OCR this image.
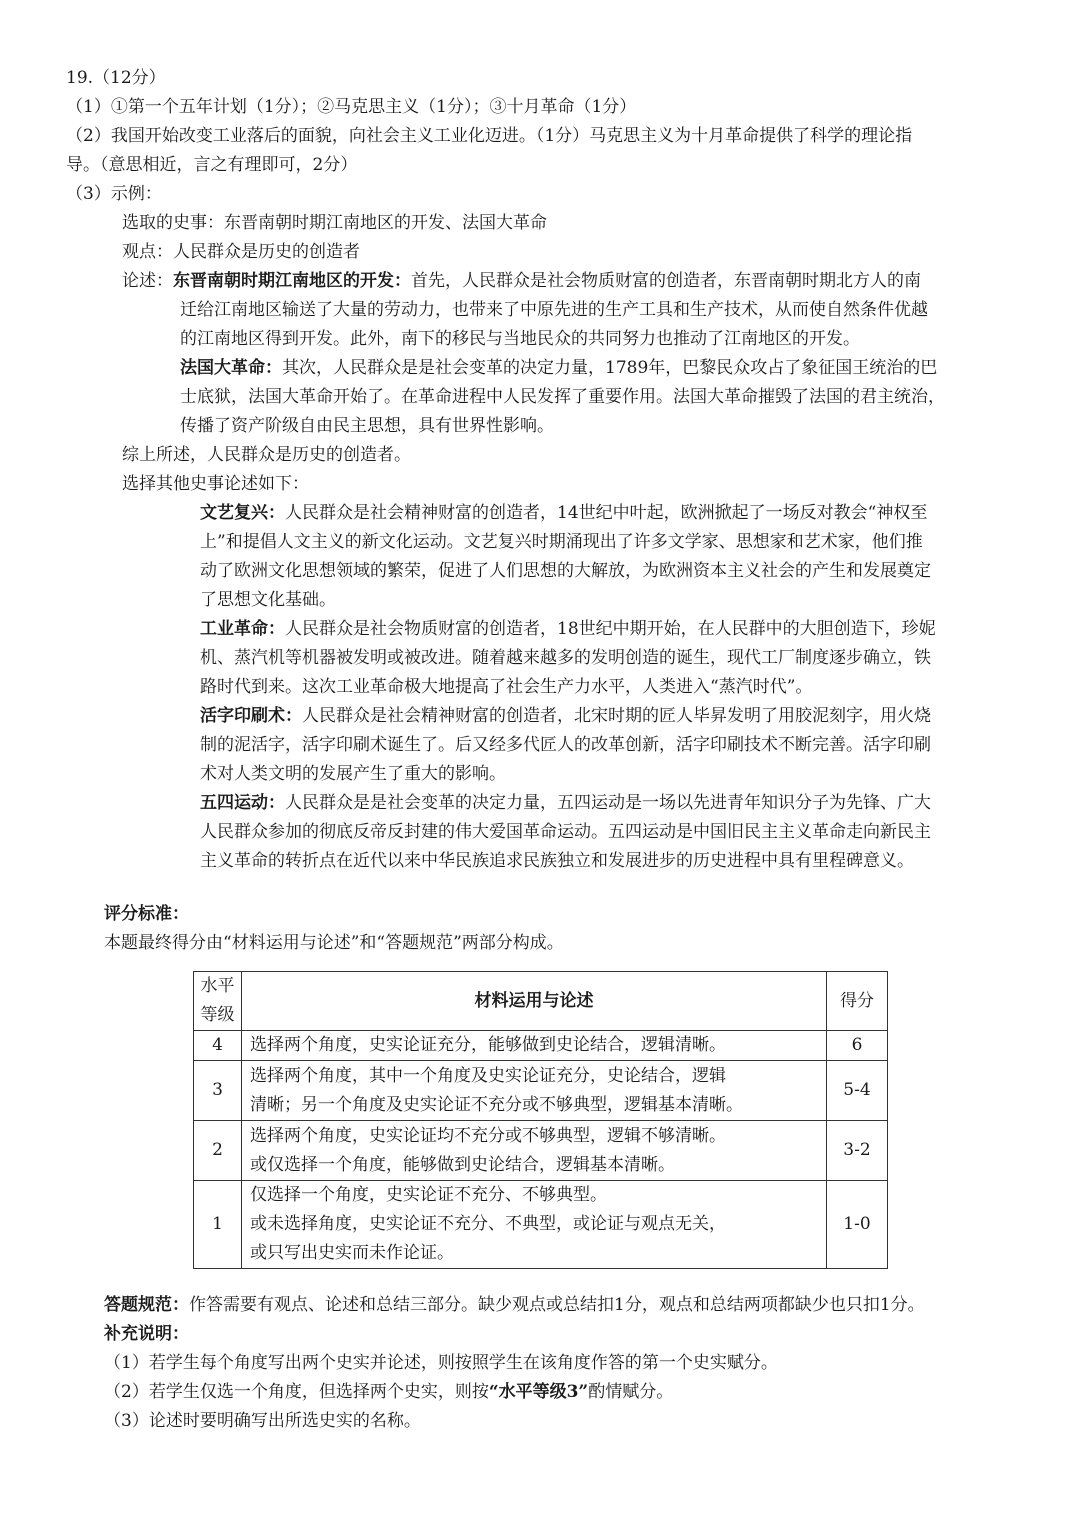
19.（12分）
（1）①第一个五年计划（1分）；②马克思主义（1分）；③十月革命（1分）
（2）我国开始改变工业落后的面貌，向社会主义工业化迈进。（1分）马克思主义为十月革命提供了科学的理论指
导。（意思相近，言之有理即可，2分）
（3）示例：
选取的史事：东晋南朝时期江南地区的开发、法国大革命
观点：人民群众是历史的创造者
论述：东晋南朝时期江南地区的开发：首先，人民群众是社会物质财富的创造者，东晋南朝时期北方人的南
迁给江南地区输送了大量的劳动力，也带来了中原先进的生产工具和生产技术，从而使自然条件优越
的江南地区得到开发。此外，南下的移民与当地民众的共同努力也推动了江南地区的开发。
法国大革命：其次，人民群众是是社会变革的决定力量，1789年，巴黎民众攻占了象征国王统治的巴
士底狱，法国大革命开始了。在革命进程中人民发挥了重要作用。法国大革命摧毁了法国的君主统治，
传播了资产阶级自由民主思想，具有世界性影响。
综上所述，人民群众是历史的创造者。
选择其他史事论述如下：
文艺复兴：人民群众是社会精神财富的创造者，14世纪中叶起，欧洲掀起了一场反对教会“神权至
上”和提倡人文主义的新文化运动。文艺复兴时期涌现出了许多文学家、思想家和艺术家，他们推
动了欧洲文化思想领域的繁荣，促进了人们思想的大解放，为欧洲资本主义社会的产生和发展奠定
了思想文化基础。
工业革命：人民群众是社会物质财富的创造者，18世纪中期开始，在人民群中的大胆创造下，珍妮
机、蒸汽机等机器被发明或被改进。随着越来越多的发明创造的诞生，现代工厂制度逐步确立，铁
路时代到来。这次工业革命极大地提高了社会生产力水平，人类进入“蒸汽时代”。
活字印刷术：人民群众是社会精神财富的创造者，北宋时期的匠人毕昇发明了用胶泥刻字，用火烧
制的泥活字，活字印刷术诞生了。后又经多代匠人的改革创新，活字印刷技术不断完善。活字印刷
术对人类文明的发展产生了重大的影响。
五四运动：人民群众是是社会变革的决定力量，五四运动是一场以先进青年知识分子为先锋、广大
人民群众参加的彻底反帝反封建的伟大爱国革命运动。五四运动是中国旧民主主义革命走向新民主
主义革命的转折点在近代以来中华民族追求民族独立和发展进步的历史进程中具有里程碑意义。
评分标准：
本题最终得分由“材料运用与论述”和“答题规范”两部分构成。
水平
等级	材料运用与论述	得分
4	选择两个角度，史实论证充分，能够做到史论结合，逻辑清晰。	6
3	选择两个角度，其中一个角度及史实论证充分，史论结合，逻辑
清晰；另一个角度及史实论证不充分或不够典型，逻辑基本清晰。	5-4
2	选择两个角度，史实论证均不充分或不够典型，逻辑不够清晰。
或仅选择一个角度，能够做到史论结合，逻辑基本清晰。	3-2
1	仅选择一个角度，史实论证不充分、不够典型。
或未选择角度，史实论证不充分、不典型，或论证与观点无关，
或只写出史实而未作论证。	1-0
答题规范：作答需要有观点、论述和总结三部分。缺少观点或总结扣1分，观点和总结两项都缺少也只扣1分。
补充说明：
（1）若学生每个角度写出两个史实并论述，则按照学生在该角度作答的第一个史实赋分。
（2）若学生仅选一个角度，但选择两个史实，则按“水平等级3”酌情赋分。
（3）论述时要明确写出所选史实的名称。
